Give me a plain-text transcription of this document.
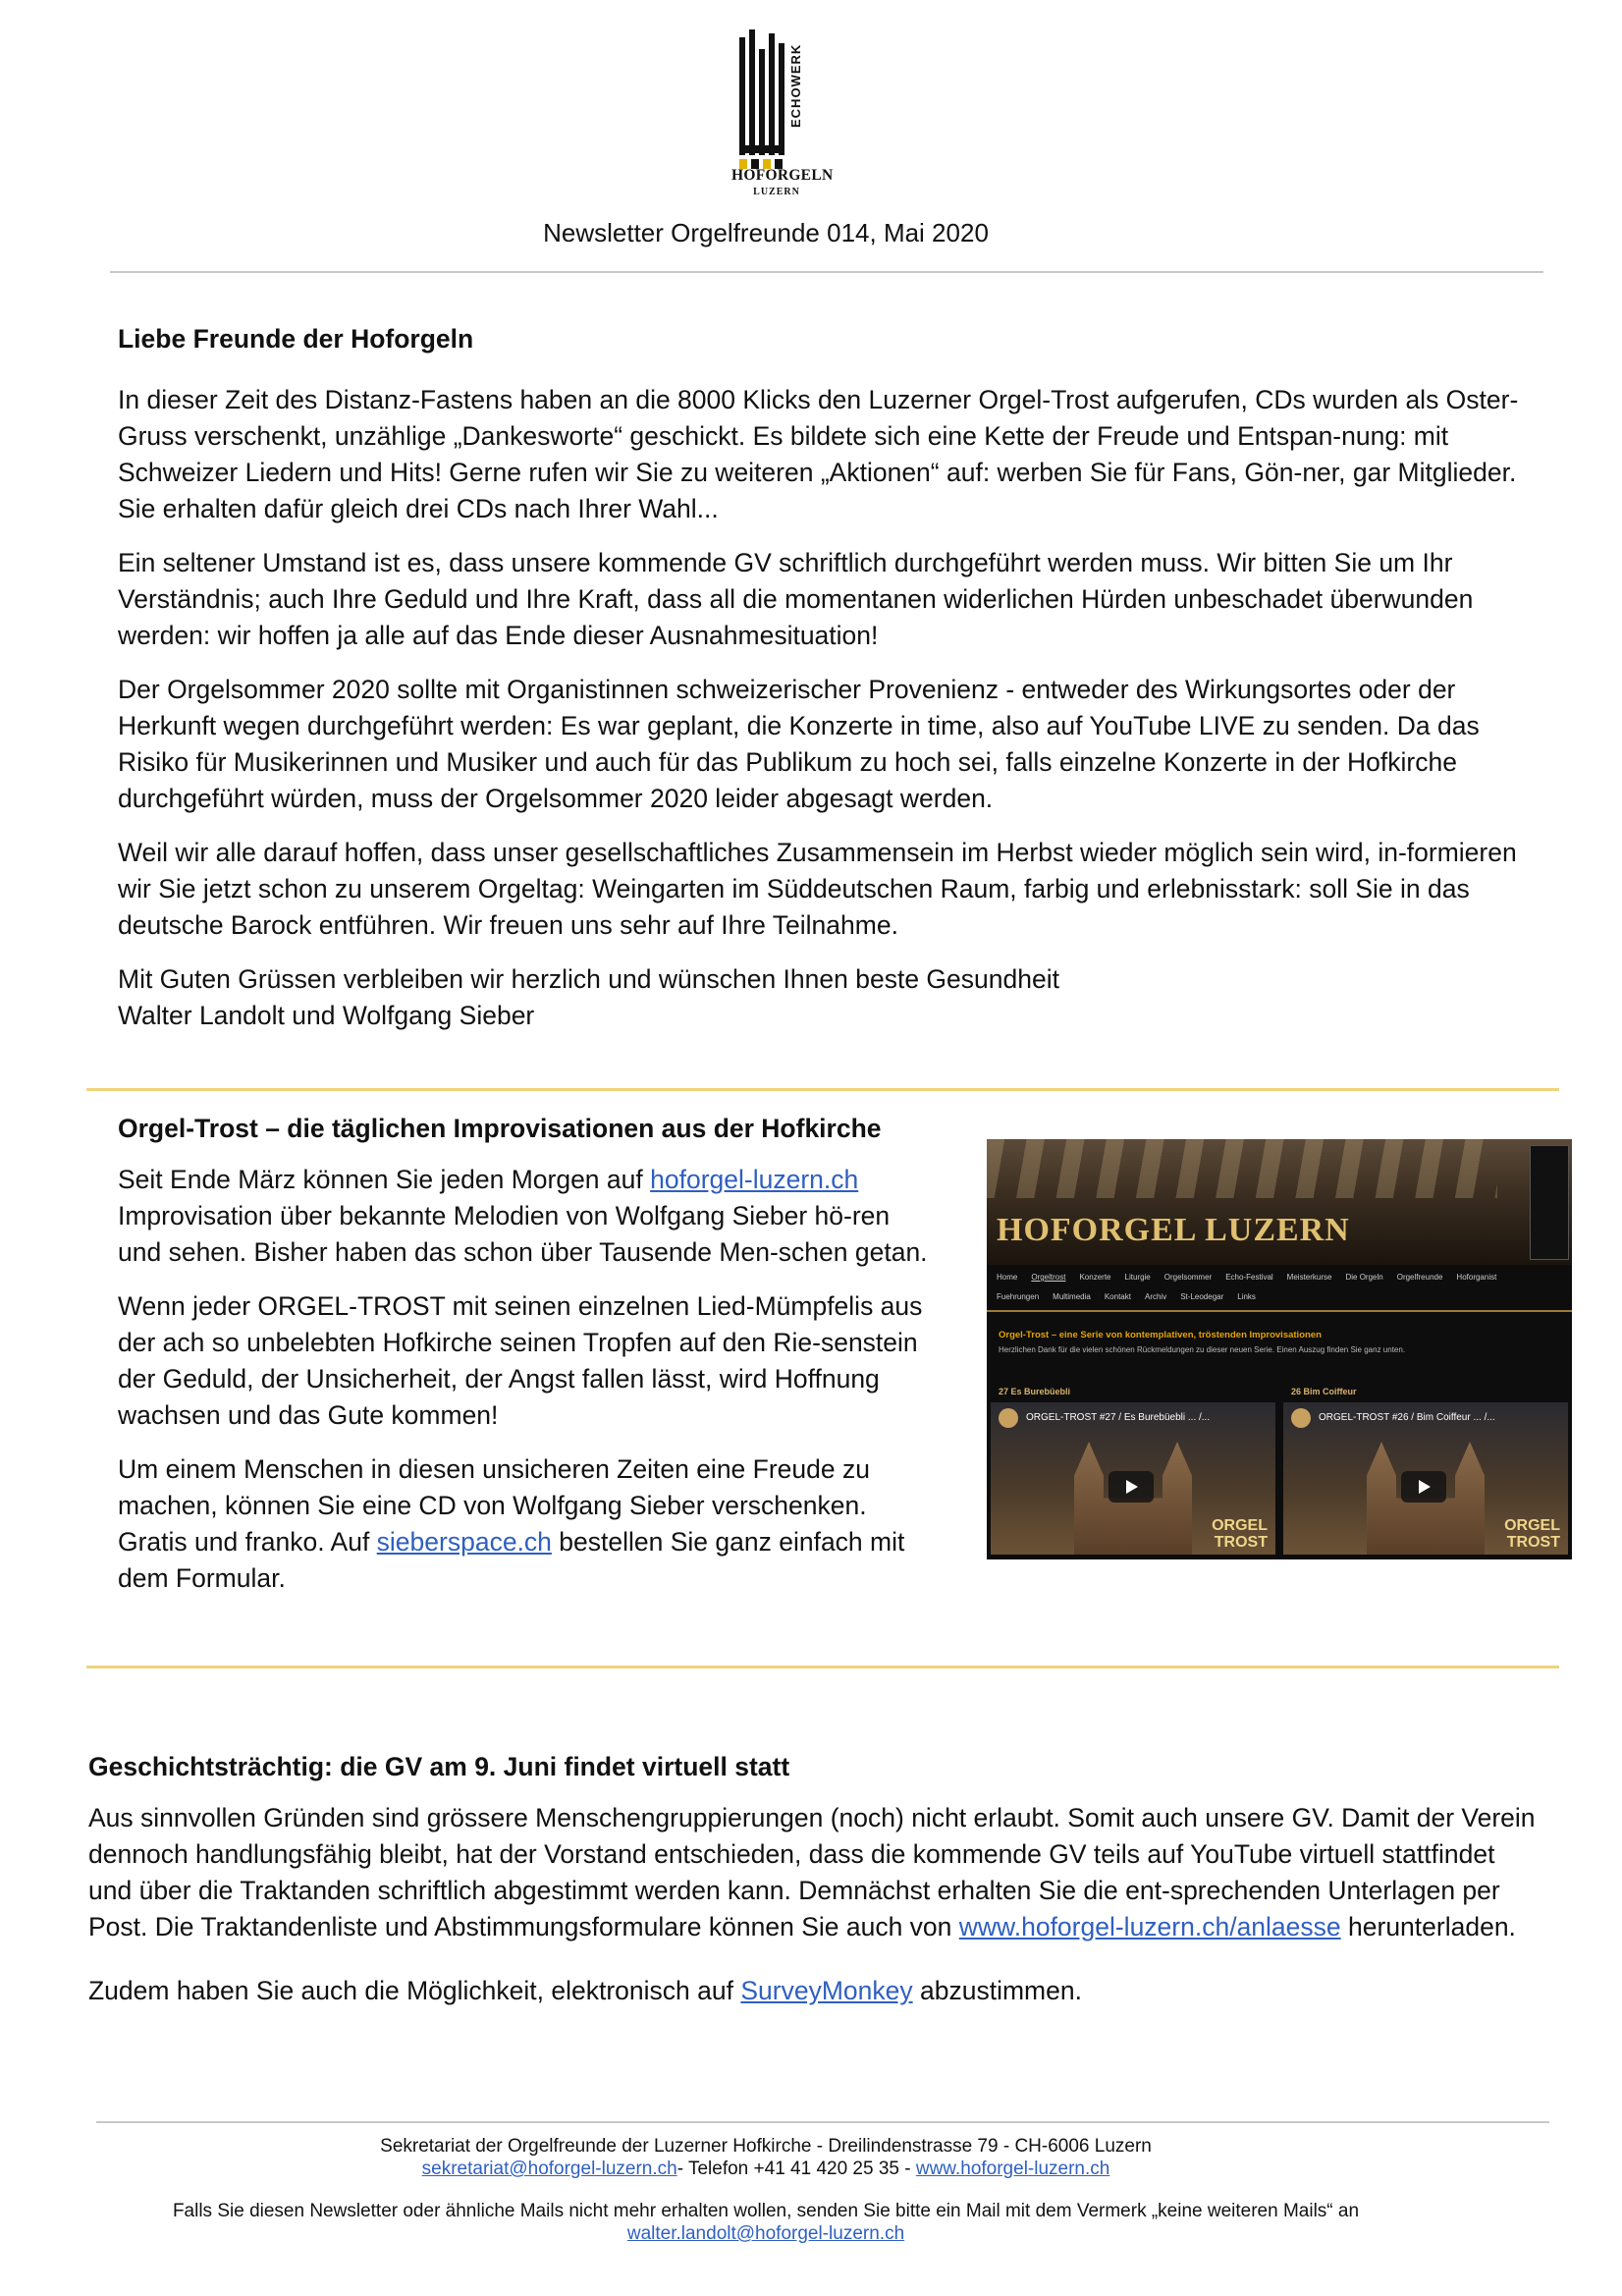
ECHOWERK
HOFORGELN
LUZERN
Newsletter Orgelfreunde 014, Mai 2020

Liebe Freunde der Hoforgeln

In dieser Zeit des Distanz-Fastens haben an die 8000 Klicks den Luzerner Orgel-Trost aufgerufen, CDs wurden als Oster-Gruss verschenkt, unzählige „Dankesworte“ geschickt. Es bildete sich eine Kette der Freude und Entspan-nung: mit Schweizer Liedern und Hits! Gerne rufen wir Sie zu weiteren „Aktionen“ auf: werben Sie für Fans, Gön-ner, gar Mitglieder. Sie erhalten dafür gleich drei CDs nach Ihrer Wahl...

Ein seltener Umstand ist es, dass unsere kommende GV schriftlich durchgeführt werden muss. Wir bitten Sie um Ihr Verständnis; auch Ihre Geduld und Ihre Kraft, dass all die momentanen widerlichen Hürden unbeschadet überwunden werden: wir hoffen ja alle auf das Ende dieser Ausnahmesituation!

Der Orgelsommer 2020 sollte mit Organistinnen schweizerischer Provenienz - entweder des Wirkungsortes oder der Herkunft wegen durchgeführt werden: Es war geplant, die Konzerte in time, also auf YouTube LIVE zu senden. Da das Risiko für Musikerinnen und Musiker und auch für das Publikum zu hoch sei, falls einzelne Konzerte in der Hofkirche durchgeführt würden, muss der Orgelsommer 2020 leider abgesagt werden.

Weil wir alle darauf hoffen, dass unser gesellschaftliches Zusammensein im Herbst wieder möglich sein wird, in-formieren wir Sie jetzt schon zu unserem Orgeltag: Weingarten im Süddeutschen Raum, farbig und erlebnisstark: soll Sie in das deutsche Barock entführen. Wir freuen uns sehr auf Ihre Teilnahme.

Mit Guten Grüssen verbleiben wir herzlich und wünschen Ihnen beste Gesundheit

Walter Landolt und Wolfgang Sieber

Orgel-Trost – die täglichen Improvisationen aus der Hofkirche

Seit Ende März können Sie jeden Morgen auf hoforgel-luzern.ch Improvisation über bekannte Melodien von Wolfgang Sieber hö-ren und sehen. Bisher haben das schon über Tausende Men-schen getan.

Wenn jeder ORGEL-TROST mit seinen einzelnen Lied-Mümpfelis aus der ach so unbelebten Hofkirche seinen Tropfen auf den Rie-senstein der Geduld, der Unsicherheit, der Angst fallen lässt, wird Hoffnung wachsen und das Gute kommen!

Um einem Menschen in diesen unsicheren Zeiten eine Freude zu machen, können Sie eine CD von Wolfgang Sieber verschenken. Gratis und franko. Auf sieberspace.ch bestellen Sie ganz einfach mit dem Formular.

HOFORGEL LUZERN
Home Orgeltrost Konzerte Liturgie Orgelsommer Echo-Festival Meisterkurse Die Orgeln Orgelfreunde Hoforganist
Fuehrungen Multimedia Kontakt Archiv St-Leodegar Links
Orgel-Trost – eine Serie von kontemplativen, tröstenden Improvisationen
Herzlichen Dank für die vielen schönen Rückmeldungen zu dieser neuen Serie. Einen Auszug finden Sie ganz unten.
27 Es Burebüebli
ORGEL-TROST #27 / Es Burebüebli ... /...
ORGEL
TROST
26 Bim Coiffeur
ORGEL-TROST #26 / Bim Coiffeur ... /...
ORGEL
TROST

Geschichtsträchtig: die GV am 9. Juni findet virtuell statt

Aus sinnvollen Gründen sind grössere Menschengruppierungen (noch) nicht erlaubt. Somit auch unsere GV. Damit der Verein dennoch handlungsfähig bleibt, hat der Vorstand entschieden, dass die kommende GV teils auf YouTube virtuell stattfindet und über die Traktanden schriftlich abgestimmt werden kann. Demnächst erhalten Sie die ent-sprechenden Unterlagen per Post. Die Traktandenliste und Abstimmungsformulare können Sie auch von www.hoforgel-luzern.ch/anlaesse herunterladen.

Zudem haben Sie auch die Möglichkeit, elektronisch auf SurveyMonkey abzustimmen.

Sekretariat der Orgelfreunde der Luzerner Hofkirche - Dreilindenstrasse 79 - CH-6006 Luzern
sekretariat@hoforgel-luzern.ch- Telefon +41 41 420 25 35 - www.hoforgel-luzern.ch
Falls Sie diesen Newsletter oder ähnliche Mails nicht mehr erhalten wollen, senden Sie bitte ein Mail mit dem Vermerk „keine weiteren Mails“ an
walter.landolt@hoforgel-luzern.ch
